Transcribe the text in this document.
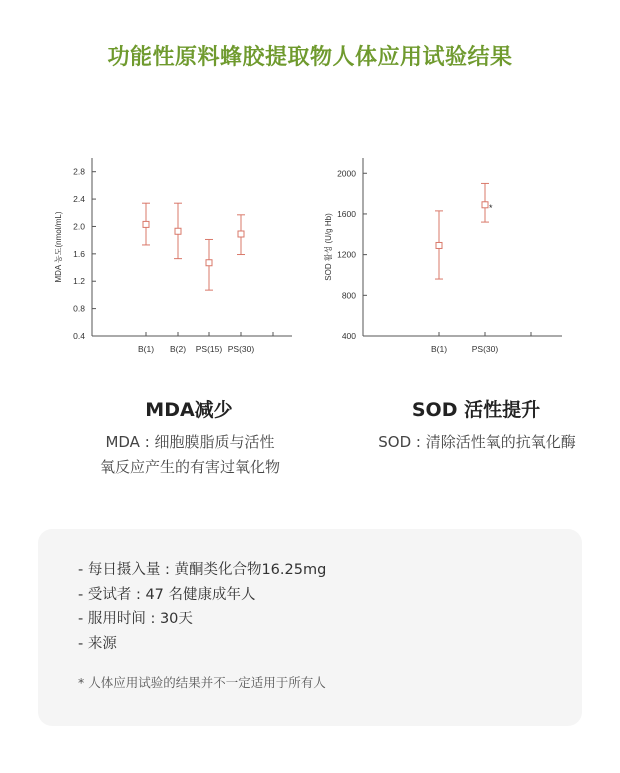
功能性原料蜂胶提取物人体应用试验结果
0.4
0.8
1.2
1.6
2.0
2.4
2.8
MDA 농도(nmol/mL)
B(1) B(2) PS(15) PS(30)
400
800
1200
1600
2000
SOD 활성 (U/g Hb)
B(1)	PS(30)
*
MDA减少	SOD 活性提升
MDA : 细胞膜脂质与活性
氧反应产生的有害过氧化物
SOD : 清除活性氧的抗氧化酶
- 每日摄入量 : 黄酮类化合物16.25mg
- 受试者 : 47 名健康成年人
- 服用时间 : 30天
- 来源
* 人体应用试验的结果并不一定适用于所有人
